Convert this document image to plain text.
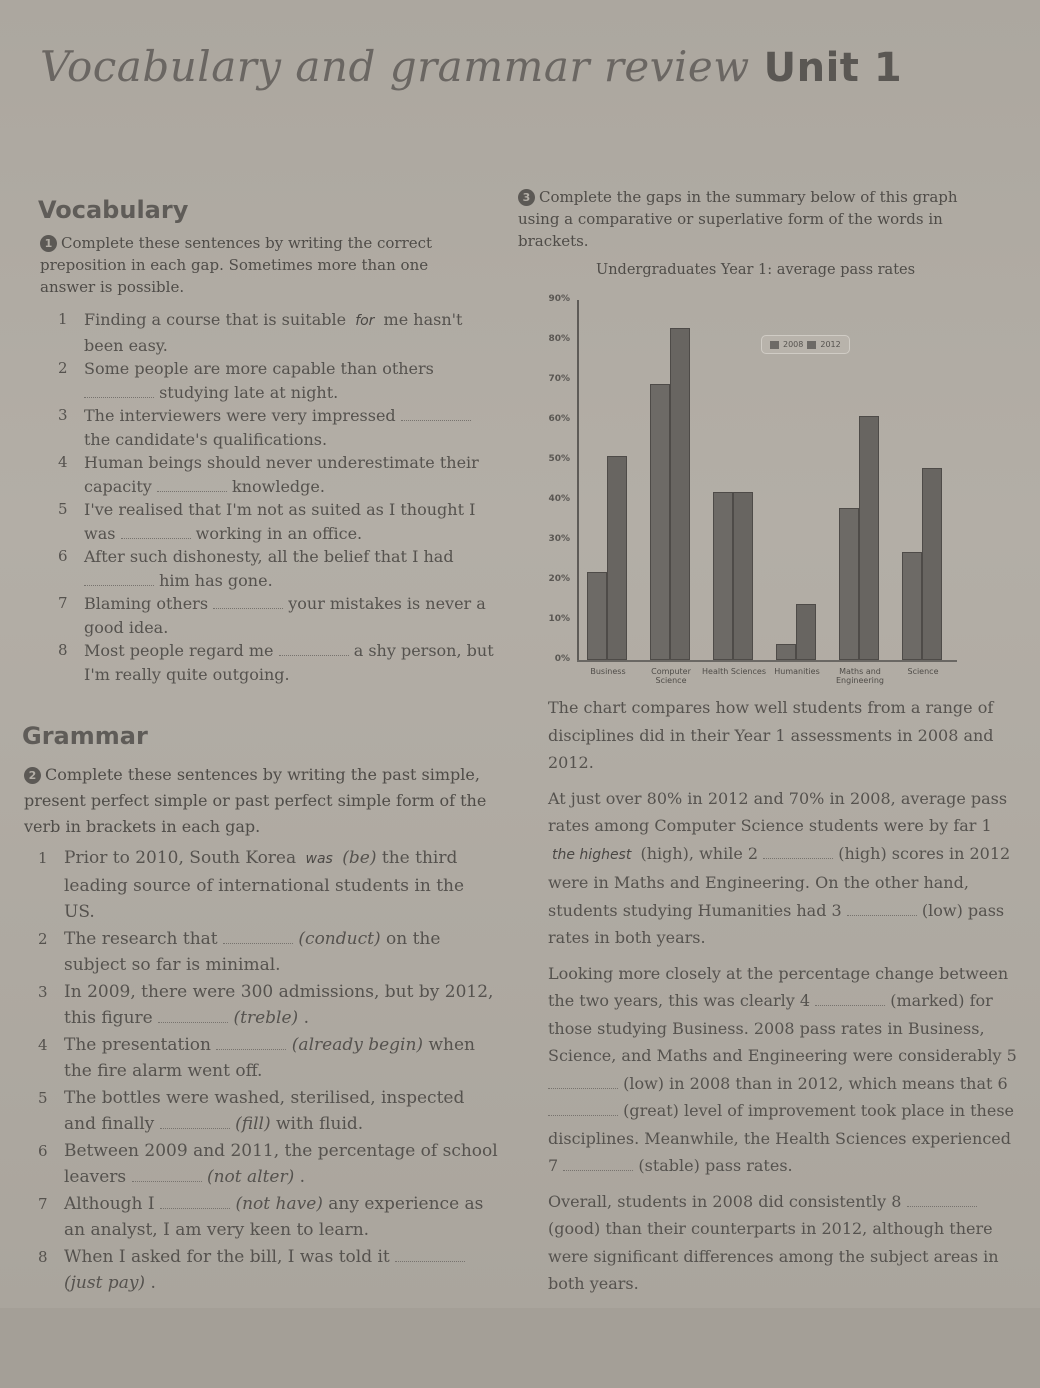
Vocabulary and grammar review Unit 1
Vocabulary
1 Complete these sentences by writing the correct preposition in each gap. Sometimes more than one answer is possible.
1	Finding a course that is suitable for me hasn't been easy.
2	Some people are more capable than others  studying late at night.
3	The interviewers were very impressed  the candidate's qualifications.
4	Human beings should never underestimate their capacity	knowledge.
5	I've realised that I'm not as suited as I thought I was	working in an office.
6	After such dishonesty, all the belief that I had  him has gone.
7	Blaming others	your mistakes is never a good idea.
8	Most people regard me	a shy person, but I'm really quite outgoing.
Grammar
2 Complete these sentences by writing the past simple, present perfect simple or past perfect simple form of the verb in brackets in each gap.
1 Prior to 2010, South Korea was (be) the third leading source of international students in the US.
2 The research that	(conduct) on the subject so far is minimal.
3 In 2009, there were 300 admissions, but by 2012, this figure	(treble) .
4 The presentation	(already begin) when the fire alarm went off.
5 The bottles were washed, sterilised, inspected and finally	(fill) with fluid.
6 Between 2009 and 2011, the percentage of school leavers	(not alter) .
7 Although I	(not have) any experience as an analyst, I am very keen to learn.
8 When I asked for the bill, I was told it  (just pay) .
3 Complete the gaps in the summary below of this graph using a comparative or superlative form of the words in brackets.
Undergraduates Year 1: average pass rates
2008 2012
0%
10%
20%
30%
40%
50%
60%
70%
80%
90%
Business	Computer Science
Health Sciences	Humanities	Maths and Engineering
Science

The chart compares how well students from a range of disciplines did in their Year 1 assessments in 2008 and 2012.

At just over 80% in 2012 and 70% in 2008, average pass rates among Computer Science students were by far 1 the highest (high), while 2	(high) scores in 2012 were in Maths and Engineering. On the other hand, students studying Humanities had 3	(low) pass rates in both years.

Looking more closely at the percentage change between the two years, this was clearly 4	(marked) for those studying Business. 2008 pass rates in Business, Science, and Maths and Engineering were considerably 5  (low) in 2008 than in 2012, which means that 6  (great) level of improvement took place in these disciplines. Meanwhile, the Health Sciences experienced 7	(stable) pass rates.

Overall, students in 2008 did consistently 8  (good) than their counterparts in 2012, although there were significant differences among the subject areas in both years.
